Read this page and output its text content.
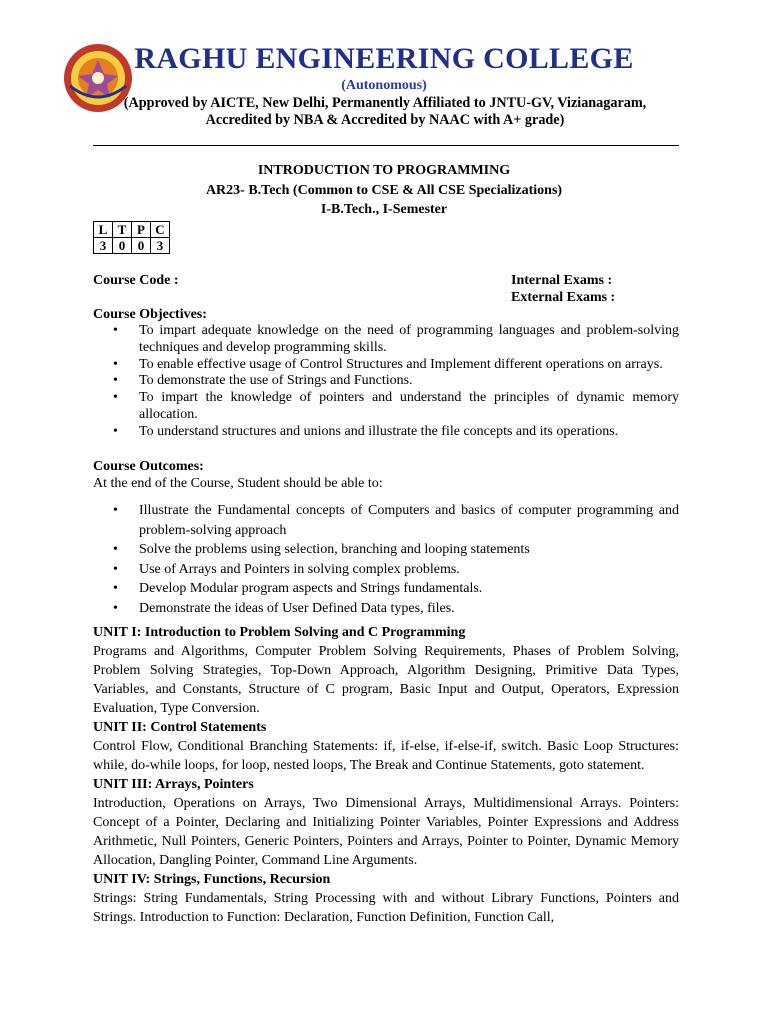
RAGHU ENGINEERING COLLEGE
(Autonomous)
(Approved by AICTE, New Delhi, Permanently Affiliated to JNTU-GV, Vizianagaram,
Accredited by NBA & Accredited by NAAC with A+ grade)
INTRODUCTION TO PROGRAMMING
AR23- B.Tech (Common to CSE & All CSE Specializations)
I-B.Tech., I-Semester
L	T	P	C
3	0	0	3
Course Code :	Internal Exams :
External Exams :
Course Objectives:
• To impart adequate knowledge on the need of programming languages and problem-solving techniques and develop programming skills.
• To enable effective usage of Control Structures and Implement different operations on arrays.
• To demonstrate the use of Strings and Functions.
• To impart the knowledge of pointers and understand the principles of dynamic memory allocation.
• To understand structures and unions and illustrate the file concepts and its operations.
Course Outcomes:
At the end of the Course, Student should be able to:
• Illustrate the Fundamental concepts of Computers and basics of computer programming and problem-solving approach
• Solve the problems using selection, branching and looping statements
• Use of Arrays and Pointers in solving complex problems.
• Develop Modular program aspects and Strings fundamentals.
• Demonstrate the ideas of User Defined Data types, files.
UNIT I: Introduction to Problem Solving and C Programming
Programs and Algorithms, Computer Problem Solving Requirements, Phases of Problem Solving, Problem Solving Strategies, Top-Down Approach, Algorithm Designing, Primitive Data Types, Variables, and Constants, Structure of C program, Basic Input and Output, Operators, Expression Evaluation, Type Conversion.
UNIT II: Control Statements
Control Flow, Conditional Branching Statements: if, if-else, if-else-if, switch. Basic Loop Structures: while, do-while loops, for loop, nested loops, The Break and Continue Statements, goto statement.
UNIT III: Arrays, Pointers
Introduction, Operations on Arrays, Two Dimensional Arrays, Multidimensional Arrays. Pointers: Concept of a Pointer, Declaring and Initializing Pointer Variables, Pointer Expressions and Address Arithmetic, Null Pointers, Generic Pointers, Pointers and Arrays, Pointer to Pointer, Dynamic Memory Allocation, Dangling Pointer, Command Line Arguments.
UNIT IV: Strings, Functions, Recursion
Strings: String Fundamentals, String Processing with and without Library Functions, Pointers and Strings. Introduction to Function: Declaration, Function Definition, Function Call,
